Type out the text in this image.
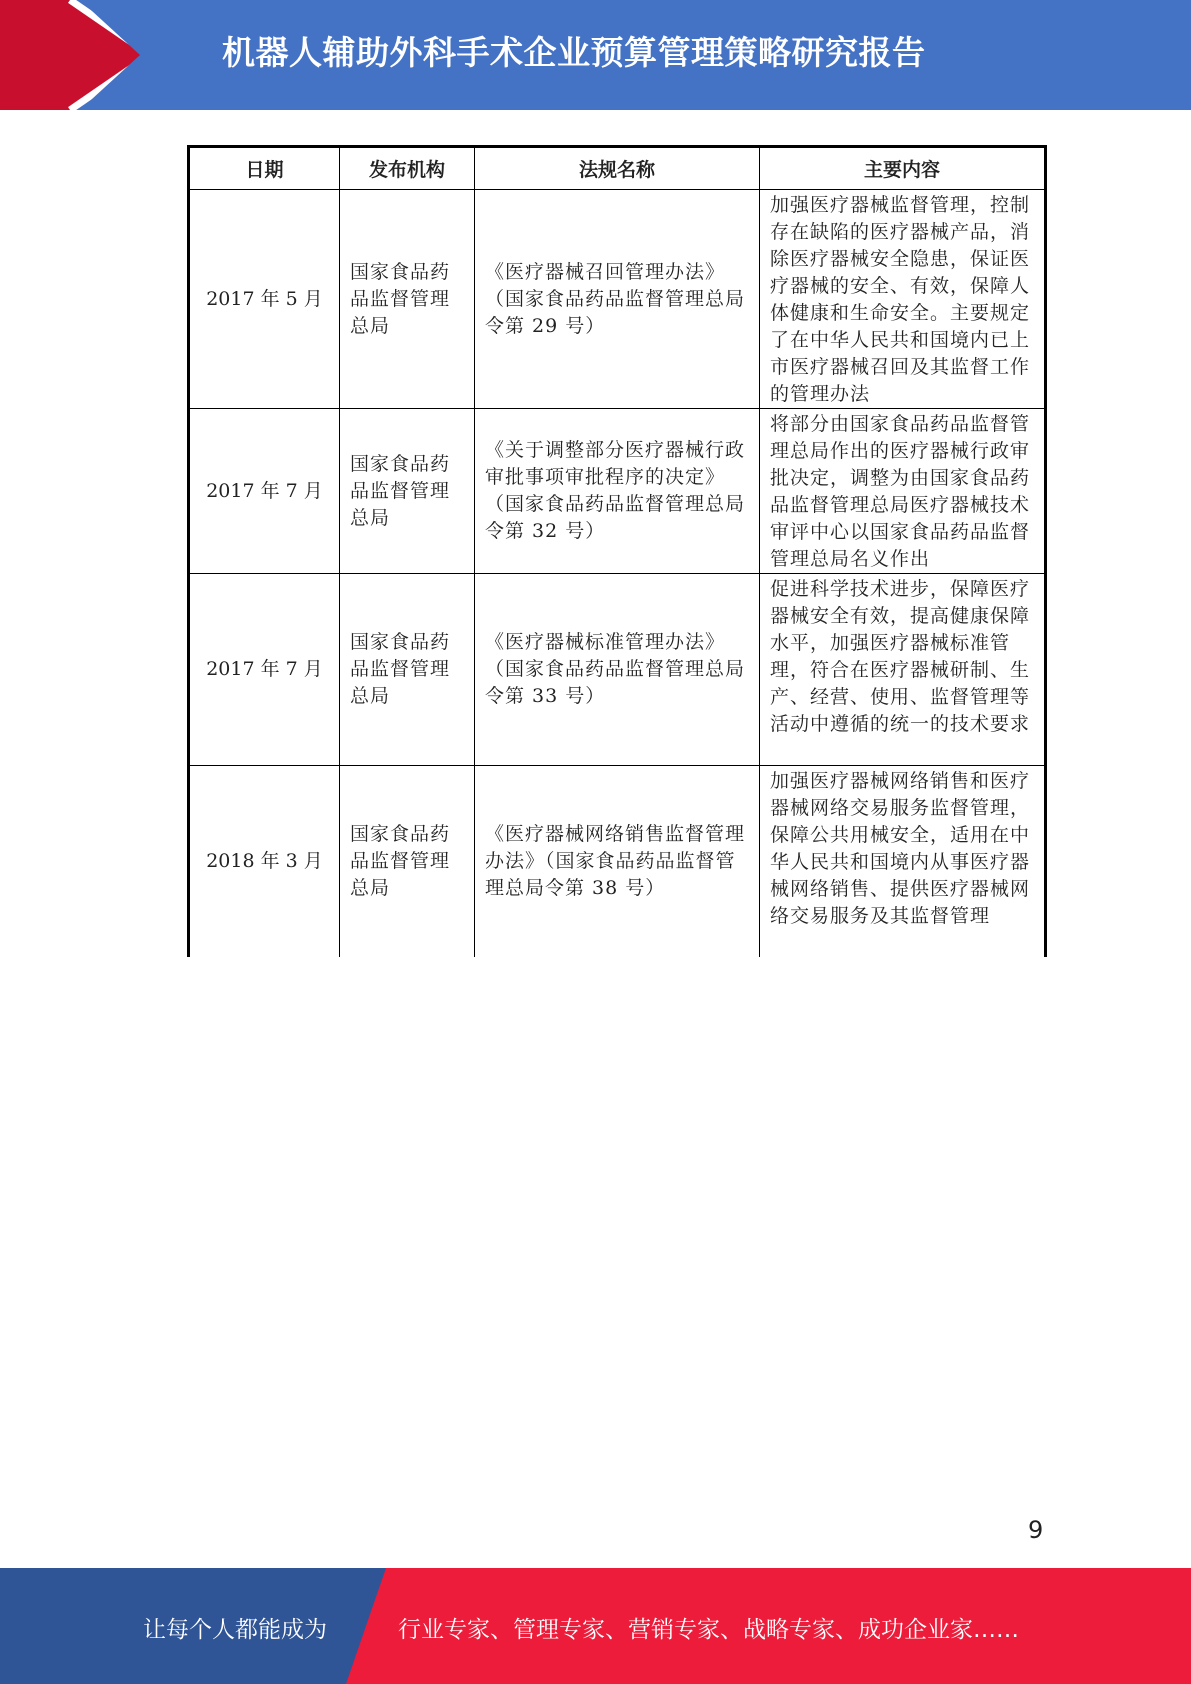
机器人辅助外科手术企业预算管理策略研究报告
日期	发布机构	法规名称	主要内容
2017 年 5 月	国家食品药品监督管理总局	《医疗器械召回管理办法》（国家食品药品监督管理总局令第 29 号）	加强医疗器械监督管理，控制存在缺陷的医疗器械产品，消除医疗器械安全隐患，保证医疗器械的安全、有效，保障人体健康和生命安全。主要规定了在中华人民共和国境内已上市医疗器械召回及其监督工作的管理办法
2017 年 7 月	国家食品药品监督管理总局	《关于调整部分医疗器械行政审批事项审批程序的决定》（国家食品药品监督管理总局令第 32 号）	将部分由国家食品药品监督管理总局作出的医疗器械行政审批决定，调整为由国家食品药品监督管理总局医疗器械技术审评中心以国家食品药品监督管理总局名义作出
2017 年 7 月	国家食品药品监督管理总局	《医疗器械标准管理办法》（国家食品药品监督管理总局令第 33 号）	促进科学技术进步，保障医疗器械安全有效，提高健康保障水平，加强医疗器械标准管理，符合在医疗器械研制、生产、经营、使用、监督管理等活动中遵循的统一的技术要求
2018 年 3 月	国家食品药品监督管理总局	《医疗器械网络销售监督管理办法》（国家食品药品监督管理总局令第 38 号）	加强医疗器械网络销售和医疗器械网络交易服务监督管理，保障公共用械安全，适用在中华人民共和国境内从事医疗器械网络销售、提供医疗器械网络交易服务及其监督管理
9
让每个人都能成为	行业专家、管理专家、营销专家、战略专家、成功企业家……
